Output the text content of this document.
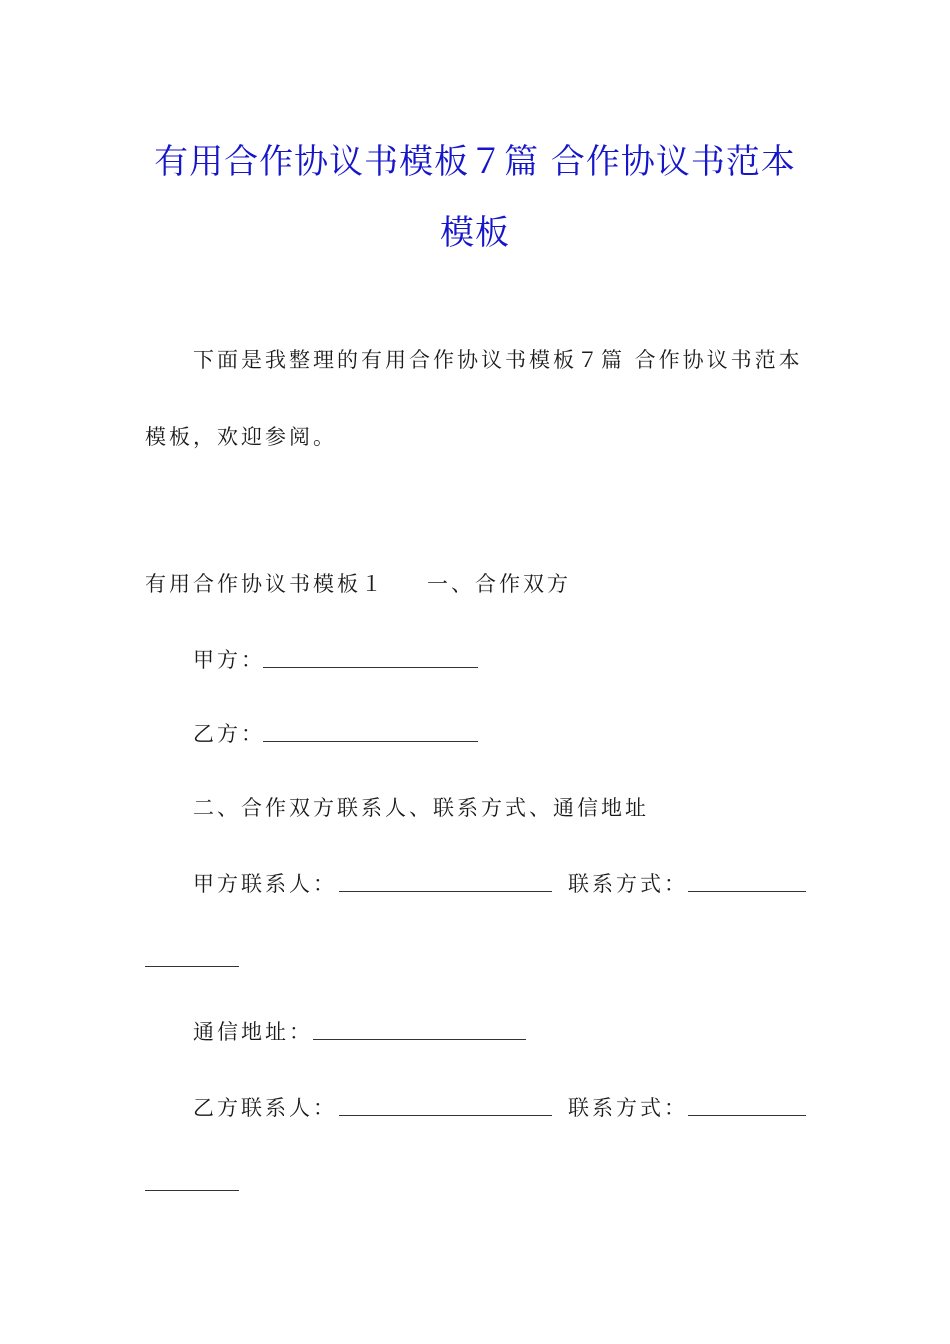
有用合作协议书模板７篇 合作协议书范本
模板
下面是我整理的有用合作协议书模板７篇 合作协议书范本
模板，欢迎参阅。
有用合作协议书模板１ 一、合作双方
甲方：
乙方：
二、合作双方联系人、联系方式、通信地址
甲方联系人：	联系方式：
通信地址：
乙方联系人：	联系方式：
